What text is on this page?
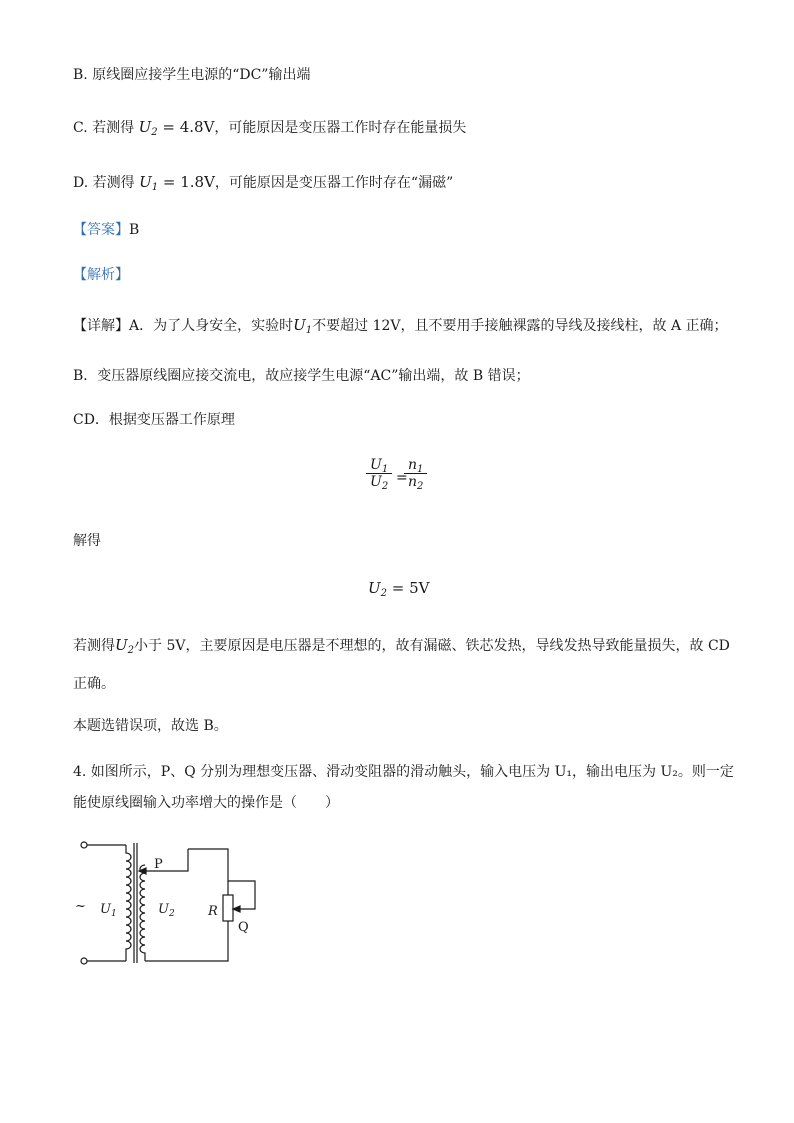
B. 原线圈应接学生电源的“DC”输出端
C. 若测得 $U_2 = 4.8V$，可能原因是变压器工作时存在能量损失
D. 若测得 $U_1 = 1.8V$，可能原因是变压器工作时存在“漏磁”
【答案】B
【解析】
【详解】A．为了人身安全，实验时$U_1$不要超过 12V，且不要用手接触裸露的导线及接线柱，故 A 正确；
B．变压器原线圈应接交流电，故应接学生电源“AC”输出端，故 B 错误；
CD．根据变压器工作原理
$\frac{U_1}{U_2}$ =
$\frac{n_1}{n_2}$
解得
$U_2 = 5V$
若测得$U_2$小于 5V，主要原因是电压器是不理想的，故有漏磁、铁芯发热，导线发热导致能量损失，故 CD
正确。
本题选错误项，故选 B。
4. 如图所示，P、Q 分别为理想变压器、滑动变阻器的滑动触头，输入电压为 U₁，输出电压为 U₂。则一定
能使原线圈输入功率增大的操作是（　　）
P
Q
R
~ $U_1$	$U_2$
